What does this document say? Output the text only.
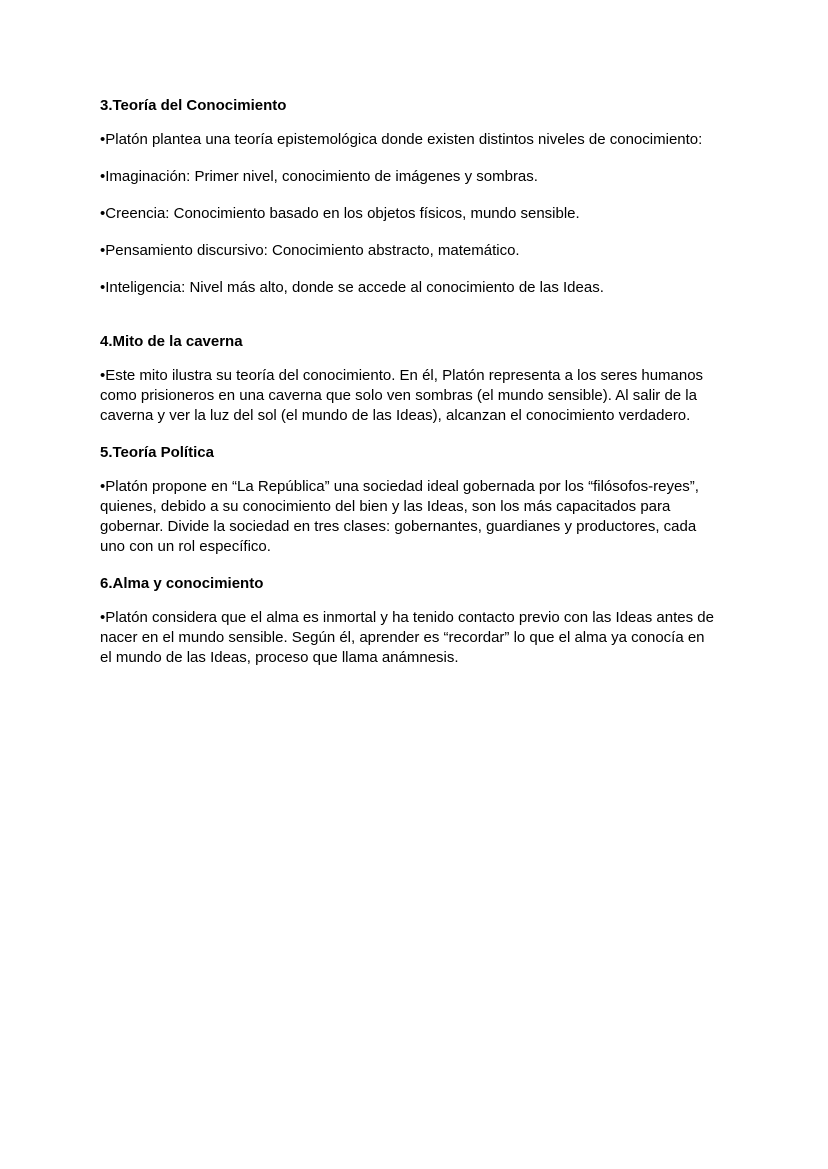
3.Teoría del Conocimiento
•Platón plantea una teoría epistemológica donde existen distintos niveles de conocimiento:
•Imaginación: Primer nivel, conocimiento de imágenes y sombras.
•Creencia: Conocimiento basado en los objetos físicos, mundo sensible.
•Pensamiento discursivo: Conocimiento abstracto, matemático.
•Inteligencia: Nivel más alto, donde se accede al conocimiento de las Ideas.
4.Mito de la caverna
•Este mito ilustra su teoría del conocimiento. En él, Platón representa a los seres humanos
como prisioneros en una caverna que solo ven sombras (el mundo sensible). Al salir de la
caverna y ver la luz del sol (el mundo de las Ideas), alcanzan el conocimiento verdadero.
5.Teoría Política
•Platón propone en “La República” una sociedad ideal gobernada por los “filósofos-reyes”,
quienes, debido a su conocimiento del bien y las Ideas, son los más capacitados para
gobernar. Divide la sociedad en tres clases: gobernantes, guardianes y productores, cada
uno con un rol específico.
6.Alma y conocimiento
•Platón considera que el alma es inmortal y ha tenido contacto previo con las Ideas antes de
nacer en el mundo sensible. Según él, aprender es “recordar” lo que el alma ya conocía en
el mundo de las Ideas, proceso que llama anámnesis.
